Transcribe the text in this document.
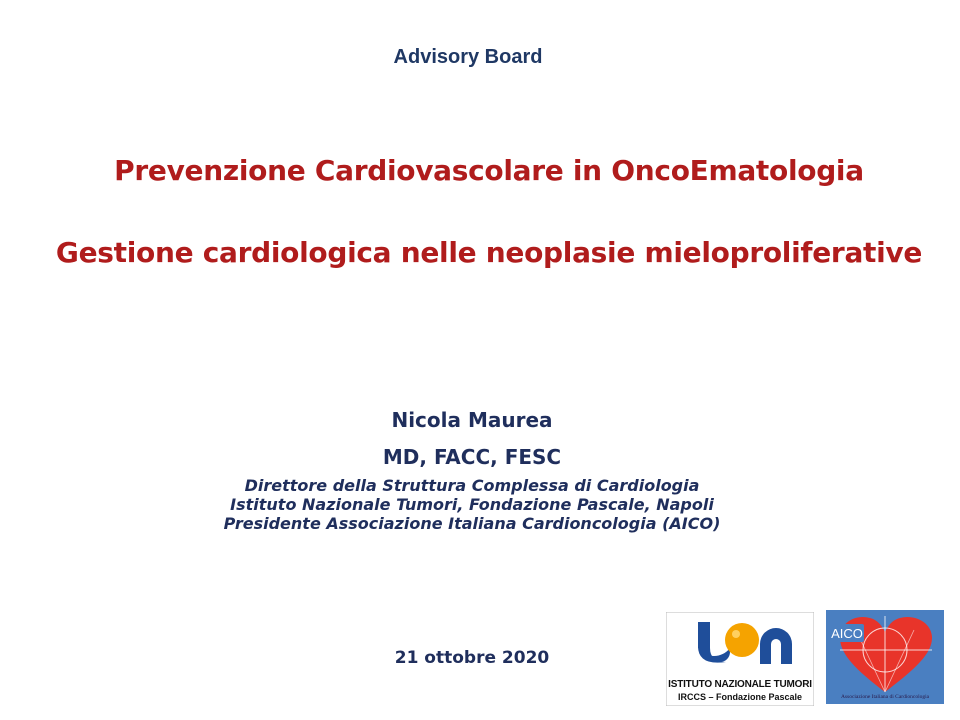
Advisory Board
Prevenzione Cardiovascolare in OncoEmatologia
Gestione cardiologica nelle neoplasie mieloproliferative
Nicola Maurea
MD, FACC, FESC
Direttore della Struttura Complessa di Cardiologia
Istituto Nazionale Tumori, Fondazione Pascale, Napoli
Presidente Associazione Italiana Cardioncologia (AICO)
21 ottobre 2020
ISTITUTO NAZIONALE TUMORI
IRCCS – Fondazione Pascale
AICO
Associazione Italiana di Cardioncologia
